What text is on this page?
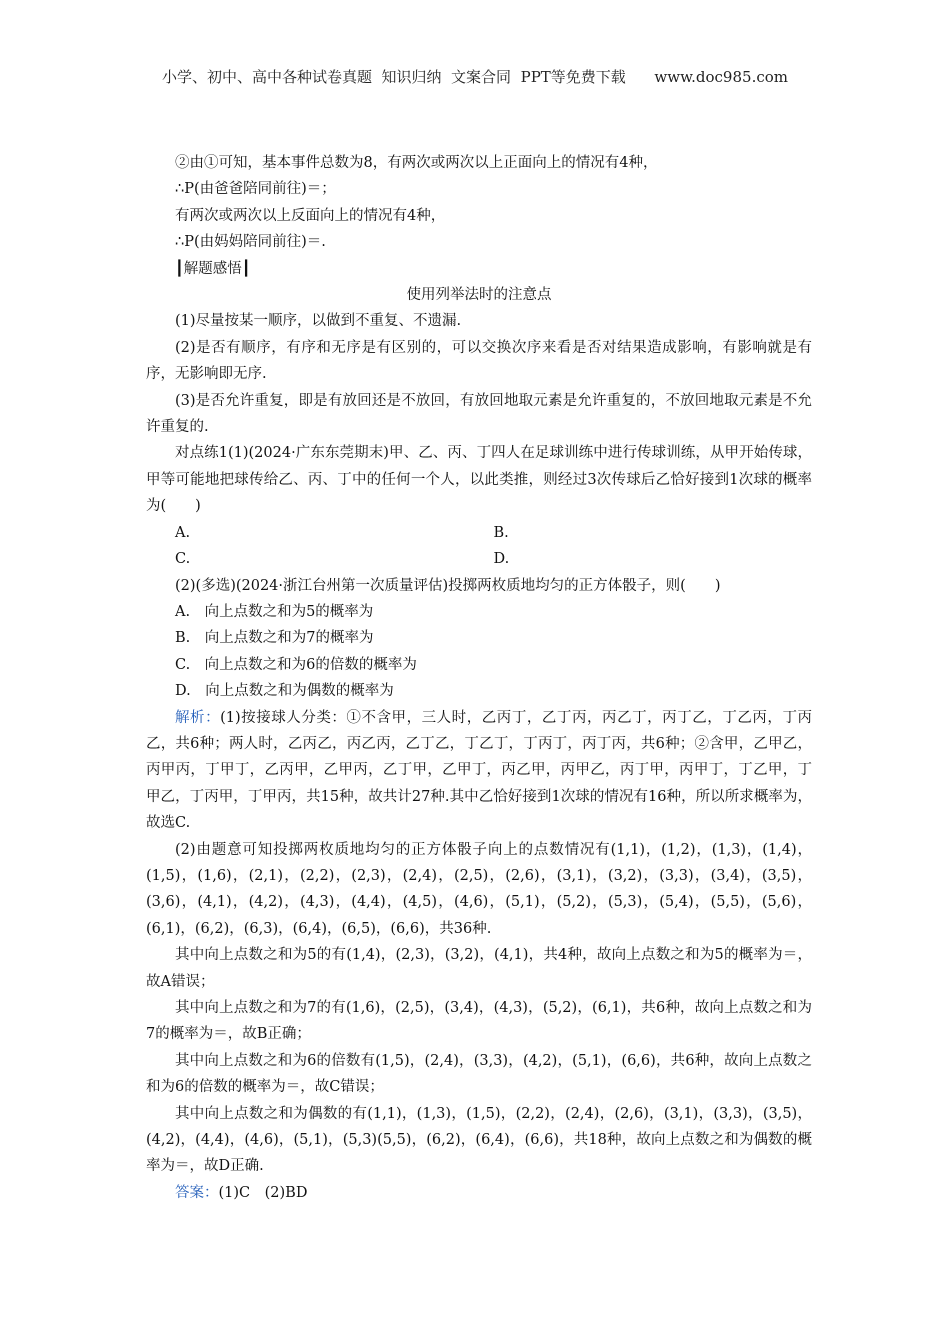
小学、初中、高中各种试卷真题  知识归纳  文案合同  PPT等免费下载      www.doc985.com

②由①可知，基本事件总数为8，有两次或两次以上正面向上的情况有4种，

∴P(由爸爸陪同前往)＝；

有两次或两次以上反面向上的情况有4种，

∴P(由妈妈陪同前往)＝.

┃解题感悟┃

使用列举法时的注意点

(1)尽量按某一顺序，以做到不重复、不遗漏.

(2)是否有顺序，有序和无序是有区别的，可以交换次序来看是否对结果造成影响，有影响就是有序，无影响即无序.

(3)是否允许重复，即是有放回还是不放回，有放回地取元素是允许重复的，不放回地取元素是不允许重复的.

对点练1(1)(2024·广东东莞期末)甲、乙、丙、丁四人在足球训练中进行传球训练，从甲开始传球，甲等可能地把球传给乙、丙、丁中的任何一个人，以此类推，则经过3次传球后乙恰好接到1次球的概率为(　　)

A.	B.
C.	D.

(2)(多选)(2024·浙江台州第一次质量评估)投掷两枚质地均匀的正方体骰子，则(　　)

A.　向上点数之和为5的概率为

B.　向上点数之和为7的概率为

C.　向上点数之和为6的倍数的概率为

D.　向上点数之和为偶数的概率为

解析：(1)按接球人分类：①不含甲，三人时，乙丙丁，乙丁丙，丙乙丁，丙丁乙，丁乙丙，丁丙乙，共6种；两人时，乙丙乙，丙乙丙，乙丁乙，丁乙丁，丁丙丁，丙丁丙，共6种；②含甲，乙甲乙，丙甲丙，丁甲丁，乙丙甲，乙甲丙，乙丁甲，乙甲丁，丙乙甲，丙甲乙，丙丁甲，丙甲丁，丁乙甲，丁甲乙，丁丙甲，丁甲丙，共15种，故共计27种.其中乙恰好接到1次球的情况有16种，所以所求概率为，故选C.

(2)由题意可知投掷两枚质地均匀的正方体骰子向上的点数情况有(1,1)，(1,2)，(1,3)，(1,4)，(1,5)，(1,6)，(2,1)，(2,2)，(2,3)，(2,4)，(2,5)，(2,6)，(3,1)，(3,2)，(3,3)，(3,4)，(3,5)，(3,6)，(4,1)，(4,2)，(4,3)，(4,4)，(4,5)，(4,6)，(5,1)，(5,2)，(5,3)，(5,4)，(5,5)，(5,6)，(6,1)，(6,2)，(6,3)，(6,4)，(6,5)，(6,6)，共36种.

其中向上点数之和为5的有(1,4)，(2,3)，(3,2)，(4,1)，共4种，故向上点数之和为5的概率为＝，故A错误；

其中向上点数之和为7的有(1,6)，(2,5)，(3,4)，(4,3)，(5,2)，(6,1)，共6种，故向上点数之和为7的概率为＝，故B正确；

其中向上点数之和为6的倍数有(1,5)，(2,4)，(3,3)，(4,2)，(5,1)，(6,6)，共6种，故向上点数之和为6的倍数的概率为＝，故C错误；

其中向上点数之和为偶数的有(1,1)，(1,3)，(1,5)，(2,2)，(2,4)，(2,6)，(3,1)，(3,3)，(3,5)，(4,2)，(4,4)，(4,6)，(5,1)，(5,3)(5,5)，(6,2)，(6,4)，(6,6)，共18种，故向上点数之和为偶数的概率为＝，故D正确.

答案：(1)C　(2)BD
